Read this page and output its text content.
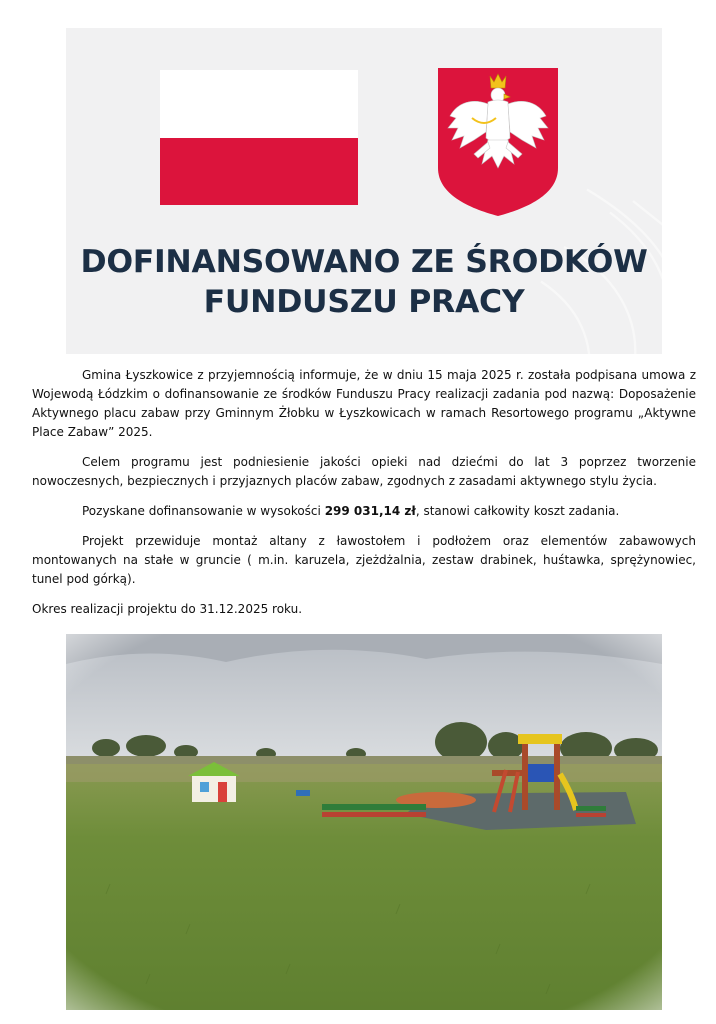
DOFINANSOWANO ZE ŚRODKÓW
FUNDUSZU PRACY

Gmina Łyszkowice z przyjemnością informuje, że w dniu 15 maja 2025 r. została podpisana umowa z Wojewodą Łódzkim o dofinansowanie ze środków Funduszu Pracy realizacji zadania pod nazwą: Doposażenie Aktywnego placu zabaw przy Gminnym Żłobku w Łyszkowicach w ramach Resortowego programu „Aktywne Place Zabaw” 2025.

Celem programu jest podniesienie jakości opieki nad dziećmi do lat 3 poprzez tworzenie nowoczesnych, bezpiecznych i przyjaznych placów zabaw, zgodnych z zasadami aktywnego stylu życia.

Pozyskane dofinansowanie w wysokości 299 031,14 zł, stanowi całkowity koszt zadania.

Projekt przewiduje montaż altany z ławostołem i podłożem oraz elementów zabawowych montowanych na stałe w gruncie ( m.in. karuzela, zjeżdżalnia, zestaw drabinek, huśtawka, sprężynowiec, tunel pod górką).

Okres realizacji projektu do 31.12.2025 roku.
